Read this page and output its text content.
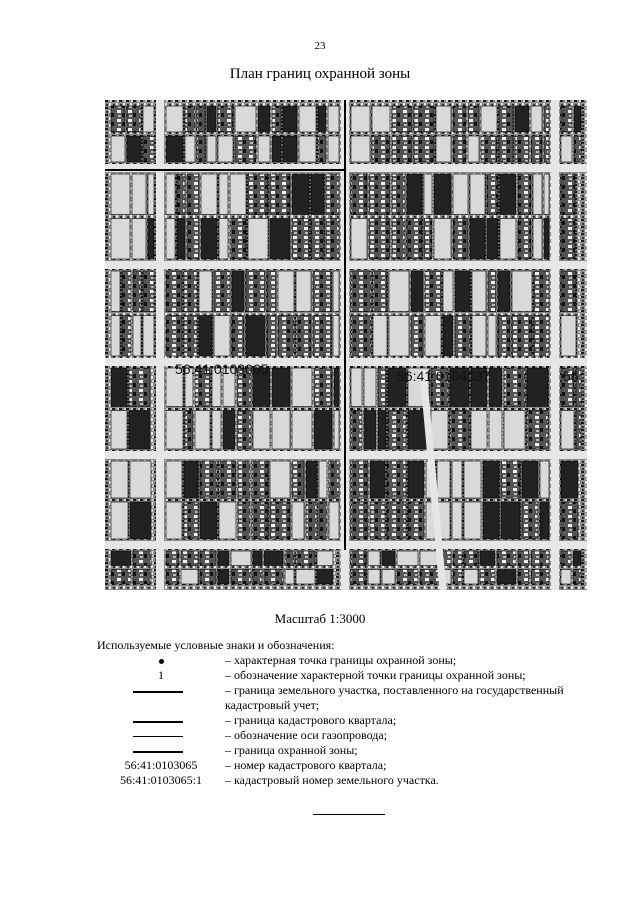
23
План границ охранной зоны
56:41:0103065	56:41:0104037	56
Масштаб 1:3000
Используемые условные знаки и обозначения:
– характерная точка границы охранной зоны;
1	– обозначение характерной точки границы охранной зоны;
– граница земельного участка, поставленного на государственный кадастровый учет;
– граница кадастрового квартала;
– обозначение оси газопровода;
– граница охранной зоны;
56:41:0103065	– номер кадастрового квартала;
56:41:0103065:1	– кадастровый номер земельного участка.
